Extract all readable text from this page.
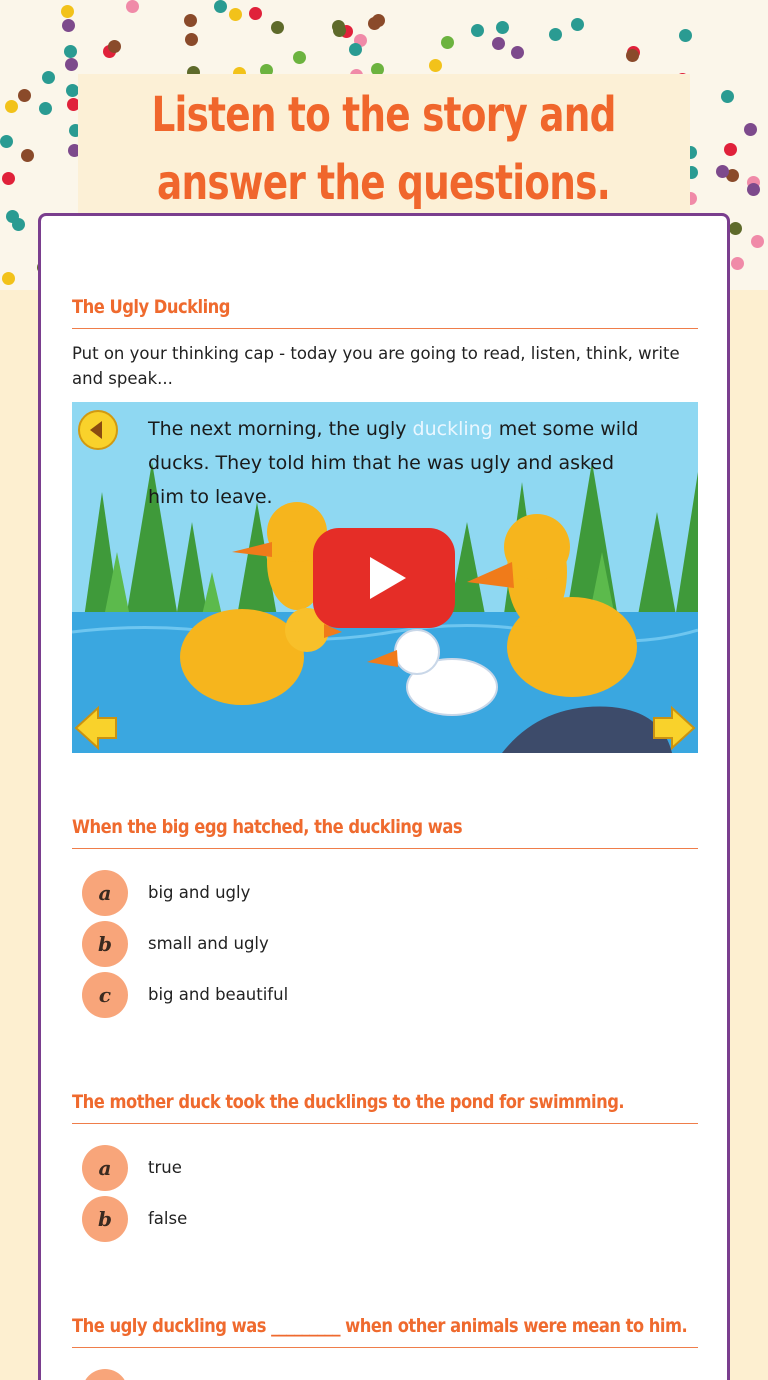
Listen to the story and
answer the questions.
The Ugly Duckling
Put on your thinking cap - today you are going to read, listen, think, write and speak...
The next morning, the ugly duckling met some wild ducks. They told him that he was ugly and asked him to leave.
When the big egg hatched, the duckling was
a	big and ugly
b	small and ugly
c	big and beautiful
The mother duck took the ducklings to the pond for swimming.
a	true
b	false
The ugly duckling was _________ when other animals were mean to him.
